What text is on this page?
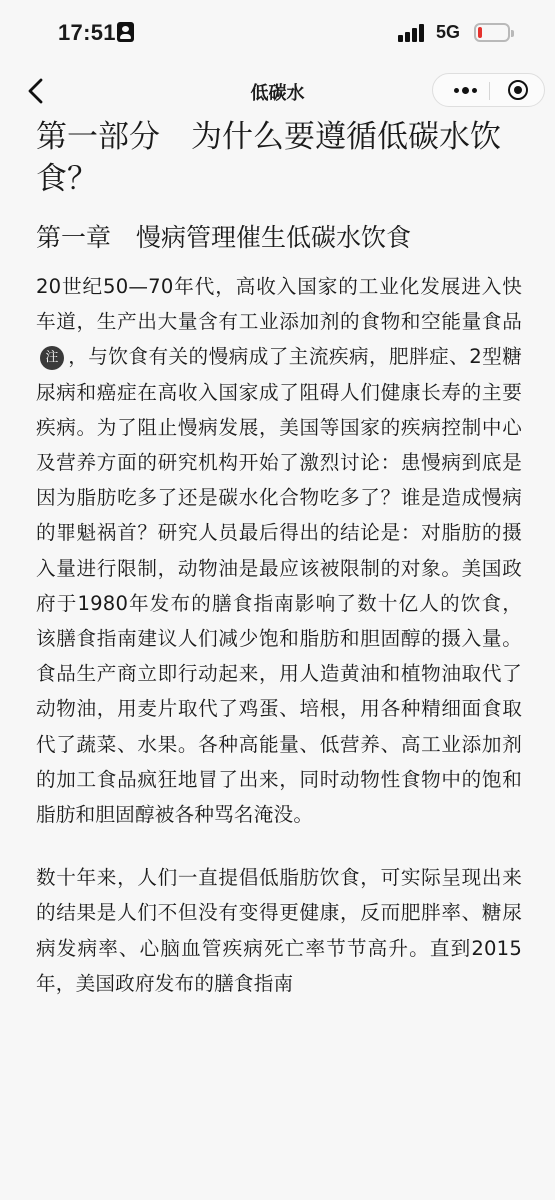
17:51	5G
低碳水
第一部分　为什么要遵循低碳水饮食？
第一章　慢病管理催生低碳水饮食

20世纪50—70年代，高收入国家的工业化发展进入快车道，生产出大量含有工业添加剂的食物和空能量食品注 ，与饮食有关的慢病成了主流疾病，肥胖症、2型糖尿病和癌症在高收入国家成了阻碍人们健康长寿的主要疾病。为了阻止慢病发展，美国等国家的疾病控制中心及营养方面的研究机构开始了激烈讨论：患慢病到底是因为脂肪吃多了还是碳水化合物吃多了？谁是造成慢病的罪魁祸首？研究人员最后得出的结论是：对脂肪的摄入量进行限制，动物油是最应该被限制的对象。美国政府于1980年发布的膳食指南影响了数十亿人的饮食，该膳食指南建议人们减少饱和脂肪和胆固醇的摄入量。食品生产商立即行动起来，用人造黄油和植物油取代了动物油，用麦片取代了鸡蛋、培根，用各种精细面食取代了蔬菜、水果。各种高能量、低营养、高工业添加剂的加工食品疯狂地冒了出来，同时动物性食物中的饱和脂肪和胆固醇被各种骂名淹没。

数十年来，人们一直提倡低脂肪饮食，可实际呈现出来的结果是人们不但没有变得更健康，反而肥胖率、糖尿病发病率、心脑血管疾病死亡率节节高升。直到2015年，美国政府发布的膳食指南
